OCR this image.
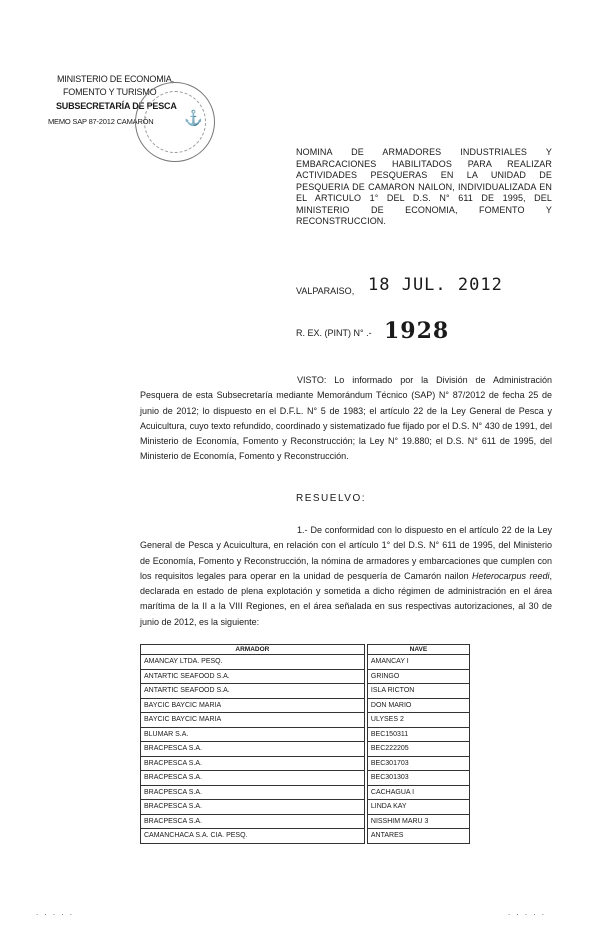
MINISTERIO DE ECONOMIA,
FOMENTO Y TURISMO
SUBSECRETARÍA DE PESCA
MEMO SAP 87-2012 CAMARÓN ⚓
NOMINA DE ARMADORES INDUSTRIALES Y EMBARCACIONES HABILITADOS PARA REALIZAR ACTIVIDADES PESQUERAS EN LA UNIDAD DE PESQUERIA DE CAMARON NAILON, INDIVIDUALIZADA EN EL ARTICULO 1° DEL D.S. N° 611 DE 1995, DEL MINISTERIO DE ECONOMIA, FOMENTO Y RECONSTRUCCION.
VALPARAISO, 18 JUL. 2012
R. EX. (PINT) N° .- 1928
VISTO: Lo informado por la División de Administración Pesquera de esta Subsecretaría mediante Memorándum Técnico (SAP) N° 87/2012 de fecha 25 de junio de 2012; lo dispuesto en el D.F.L. N° 5 de 1983; el artículo 22 de la Ley General de Pesca y Acuicultura, cuyo texto refundido, coordinado y sistematizado fue fijado por el D.S. N° 430 de 1991, del Ministerio de Economía, Fomento y Reconstrucción; la Ley N° 19.880; el D.S. N° 611 de 1995, del Ministerio de Economía, Fomento y Reconstrucción.
RESUELVO:
1.- De conformidad con lo dispuesto en el artículo 22 de la Ley General de Pesca y Acuicultura, en relación con el artículo 1° del D.S. N° 611 de 1995, del Ministerio de Economía, Fomento y Reconstrucción, la nómina de armadores y embarcaciones que cumplen con los requisitos legales para operar en la unidad de pesquería de Camarón nailon Heterocarpus reedi, declarada en estado de plena explotación y sometida a dicho régimen de administración en el área marítima de la II a la VIII Regiones, en el área señalada en sus respectivas autorizaciones, al 30 de junio de 2012, es la siguiente:
ARMADOR		NAVE
AMANCAY LTDA. PESQ.		AMANCAY I
ANTARTIC SEAFOOD S.A.		GRINGO
ANTARTIC SEAFOOD S.A.		ISLA RICTON
BAYCIC BAYCIC MARIA		DON MARIO
BAYCIC BAYCIC MARIA		ULYSES 2
BLUMAR S.A.		BEC150311
BRACPESCA S.A.		BEC222205
BRACPESCA S.A.		BEC301703
BRACPESCA S.A.		BEC301303
BRACPESCA S.A.		CACHAGUA I
BRACPESCA S.A.		LINDA KAY
BRACPESCA S.A.		NISSHIM MARU 3
CAMANCHACA S.A. CIA. PESQ.		ANTARES
. . . . .	. . . . .
